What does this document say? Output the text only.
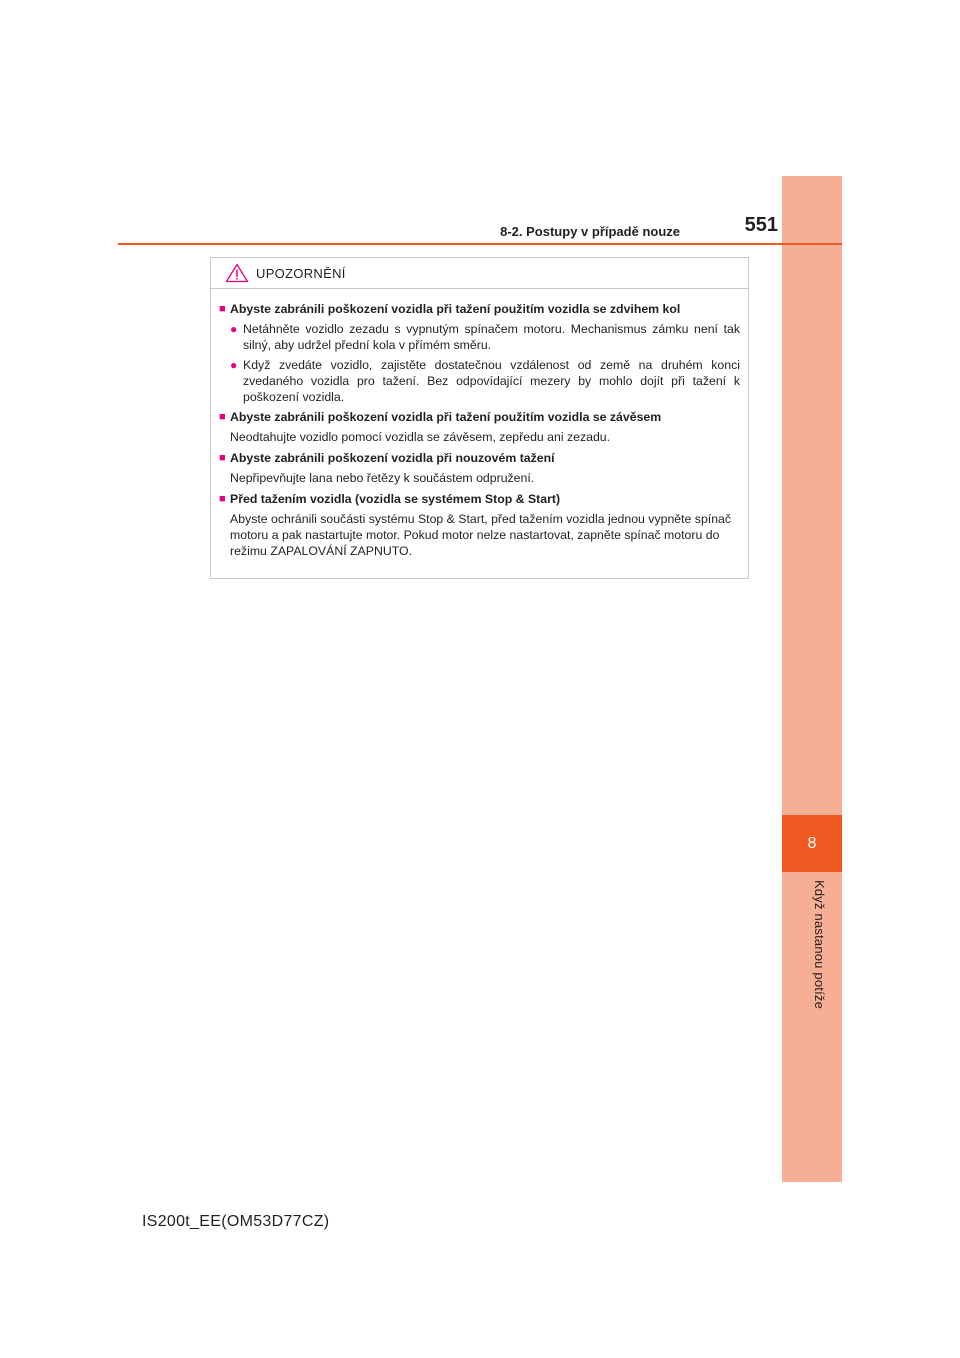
8
Když nastanou potíže
8-2. Postupy v případě nouze	551
UPOZORNĚNÍ
■ Abyste zabránili poškození vozidla při tažení použitím vozidla se zdvihem kol
● Netáhněte vozidlo zezadu s vypnutým spínačem motoru. Mechanismus zámku není tak silný, aby udržel přední kola v přímém směru.
● Když zvedáte vozidlo, zajistěte dostatečnou vzdálenost od země na druhém konci zvedaného vozidla pro tažení. Bez odpovídající mezery by mohlo dojít při tažení k poškození vozidla.
■ Abyste zabránili poškození vozidla při tažení použitím vozidla se závěsem
Neodtahujte vozidlo pomocí vozidla se závěsem, zepředu ani zezadu.
■ Abyste zabránili poškození vozidla při nouzovém tažení
Nepřipevňujte lana nebo řetězy k součástem odpružení.
■ Před tažením vozidla (vozidla se systémem Stop & Start)
Abyste ochránili součásti systému Stop & Start, před tažením vozidla jednou vypněte spínač motoru a pak nastartujte motor. Pokud motor nelze nastartovat, zapněte spínač motoru do režimu ZAPALOVÁNÍ ZAPNUTO.
IS200t_EE(OM53D77CZ)
